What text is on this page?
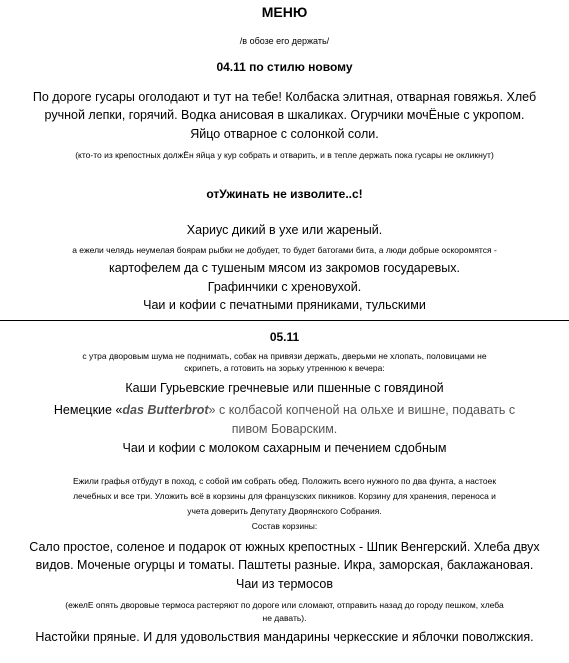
МЕНЮ
/в обозе его держать/
04.11 по стилю новому
По дороге гусары оголодают и тут на тебе! Колбаска элитная, отварная говяжья. Хлеб
ручной лепки, горячий. Водка анисовая в шкаликах. Огурчики мочЁные с укропом.
Яйцо отварное с солонкой соли.
(кто-то из крепостных должЁн яйца у кур собрать и отварить, и в тепле держать пока гусары не окликнут)
отУжинать не изволите..с!
Хариус дикий в ухе или жареный.
а ежели челядь неумелая боярам рыбки не добудет, то будет батогами бита, а люди добрые оскоромятся -
картофелем да с тушеным мясом из закромов государевых.
Графинчики с хреновухой.
Чаи и кофии с печатными пряниками, тульскими
05.11
с утра дворовым шума не поднимать, собак на привязи держать, дверьми не хлопать, половицами не
скрипеть, а готовить на зорьку утреннюю к вечера:
Каши Гурьевские гречневые или пшенные с говядиной
Немецкие «das Butterbrot» с колбасой копченой на ольхе и вишне, подавать с
пивом Боварским.
Чаи и кофии с молоком сахарным и печением сдобным
Ежили графья отбудут в поход, с собой им собрать обед. Положить всего нужного по два фунта, а настоек
лечебных и все три. Уложить всё в корзины для французских пикников. Корзину для хранения, переноса и
учета доверить Депутату Дворянского Собрания.
Состав корзины:
Сало простое, соленое и подарок от южных крепостных - Шпик Венгерский. Хлеба двух
видов. Моченые огурцы и томаты. Паштеты разные. Икра, заморская, баклажановая.
Чаи из термосов
(ежелЕ опять дворовые термоса растеряют по дороге или сломают, отправить назад до городу пешком, хлеба
не давать).
Настойки пряные. И для удовольствия мандарины черкесские и яблочки поволжския.
